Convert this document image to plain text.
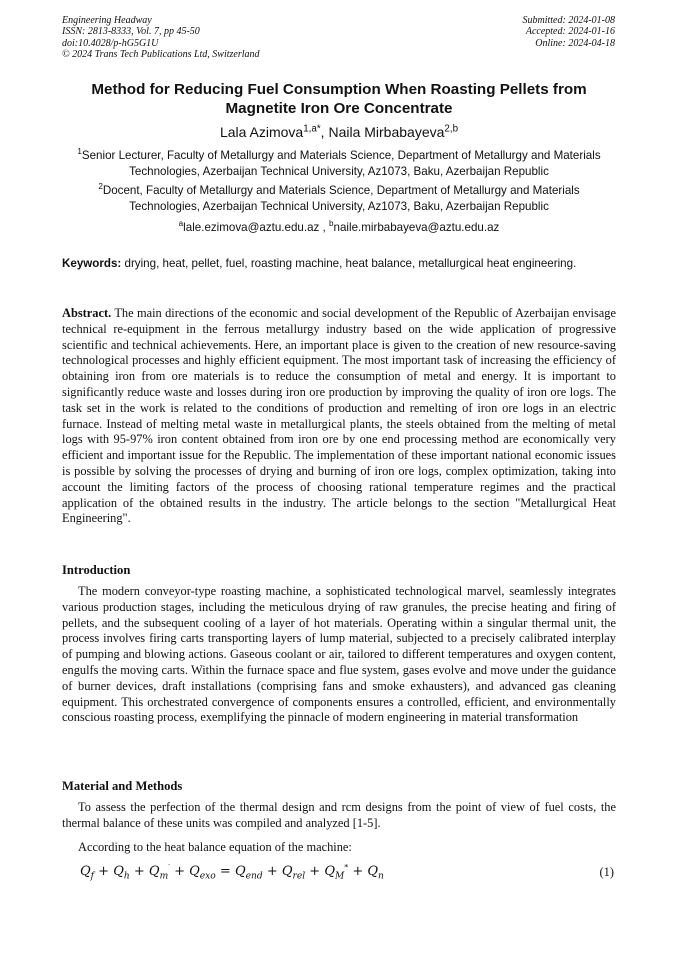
Engineering Headway
ISSN: 2813-8333, Vol. 7, pp 45-50
doi:10.4028/p-hG5G1U
© 2024 Trans Tech Publications Ltd, Switzerland
Submitted: 2024-01-08
Accepted: 2024-01-16
Online: 2024-04-18
Method for Reducing Fuel Consumption When Roasting Pellets from Magnetite Iron Ore Concentrate
Lala Azimova$^{1,a*}$, Naila Mirbabayeva$^{2,b}$
$^1$Senior Lecturer, Faculty of Metallurgy and Materials Science, Department of Metallurgy and Materials Technologies, Azerbaijan Technical University, Az1073, Baku, Azerbaijan Republic
$^2$Docent, Faculty of Metallurgy and Materials Science, Department of Metallurgy and Materials Technologies, Azerbaijan Technical University, Az1073, Baku, Azerbaijan Republic
$^a$lale.ezimova@aztu.edu.az , $^b$naile.mirbabayeva@aztu.edu.az
Keywords: drying, heat, pellet, fuel, roasting machine, heat balance, metallurgical heat engineering.
Abstract. The main directions of the economic and social development of the Republic of Azerbaijan envisage technical re-equipment in the ferrous metallurgy industry based on the wide application of progressive scientific and technical achievements. Here, an important place is given to the creation of new resource-saving technological processes and highly efficient equipment. The most important task of increasing the efficiency of obtaining iron from ore materials is to reduce the consumption of metal and energy. It is important to significantly reduce waste and losses during iron ore production by improving the quality of iron ore logs. The task set in the work is related to the conditions of production and remelting of iron ore logs in an electric furnace. Instead of melting metal waste in metallurgical plants, the steels obtained from the melting of metal logs with 95-97% iron content obtained from iron ore by one end processing method are economically very efficient and important issue for the Republic. The implementation of these important national economic issues is possible by solving the processes of drying and burning of iron ore logs, complex optimization, taking into account the limiting factors of the process of choosing rational temperature regimes and the practical application of the obtained results in the industry. The article belongs to the section "Metallurgical Heat Engineering".
Introduction
The modern conveyor-type roasting machine, a sophisticated technological marvel, seamlessly integrates various production stages, including the meticulous drying of raw granules, the precise heating and firing of pellets, and the subsequent cooling of a layer of hot materials. Operating within a singular thermal unit, the process involves firing carts transporting layers of lump material, subjected to a precisely calibrated interplay of pumping and blowing actions. Gaseous coolant or air, tailored to different temperatures and oxygen content, engulfs the moving carts. Within the furnace space and flue system, gases evolve and move under the guidance of burner devices, draft installations (comprising fans and smoke exhausters), and advanced gas cleaning equipment. This orchestrated convergence of components ensures a controlled, efficient, and environmentally conscious roasting process, exemplifying the pinnacle of modern engineering in material transformation
Material and Methods
To assess the perfection of the thermal design and rcm designs from the point of view of fuel costs, the thermal balance of these units was compiled and analyzed [1-5].
According to the heat balance equation of the machine:
$Q_f + Q_h + Q_m' + Q_{exo} = Q_{end} + Q_{rel} + Q_M^* + Q_n$	(1)
